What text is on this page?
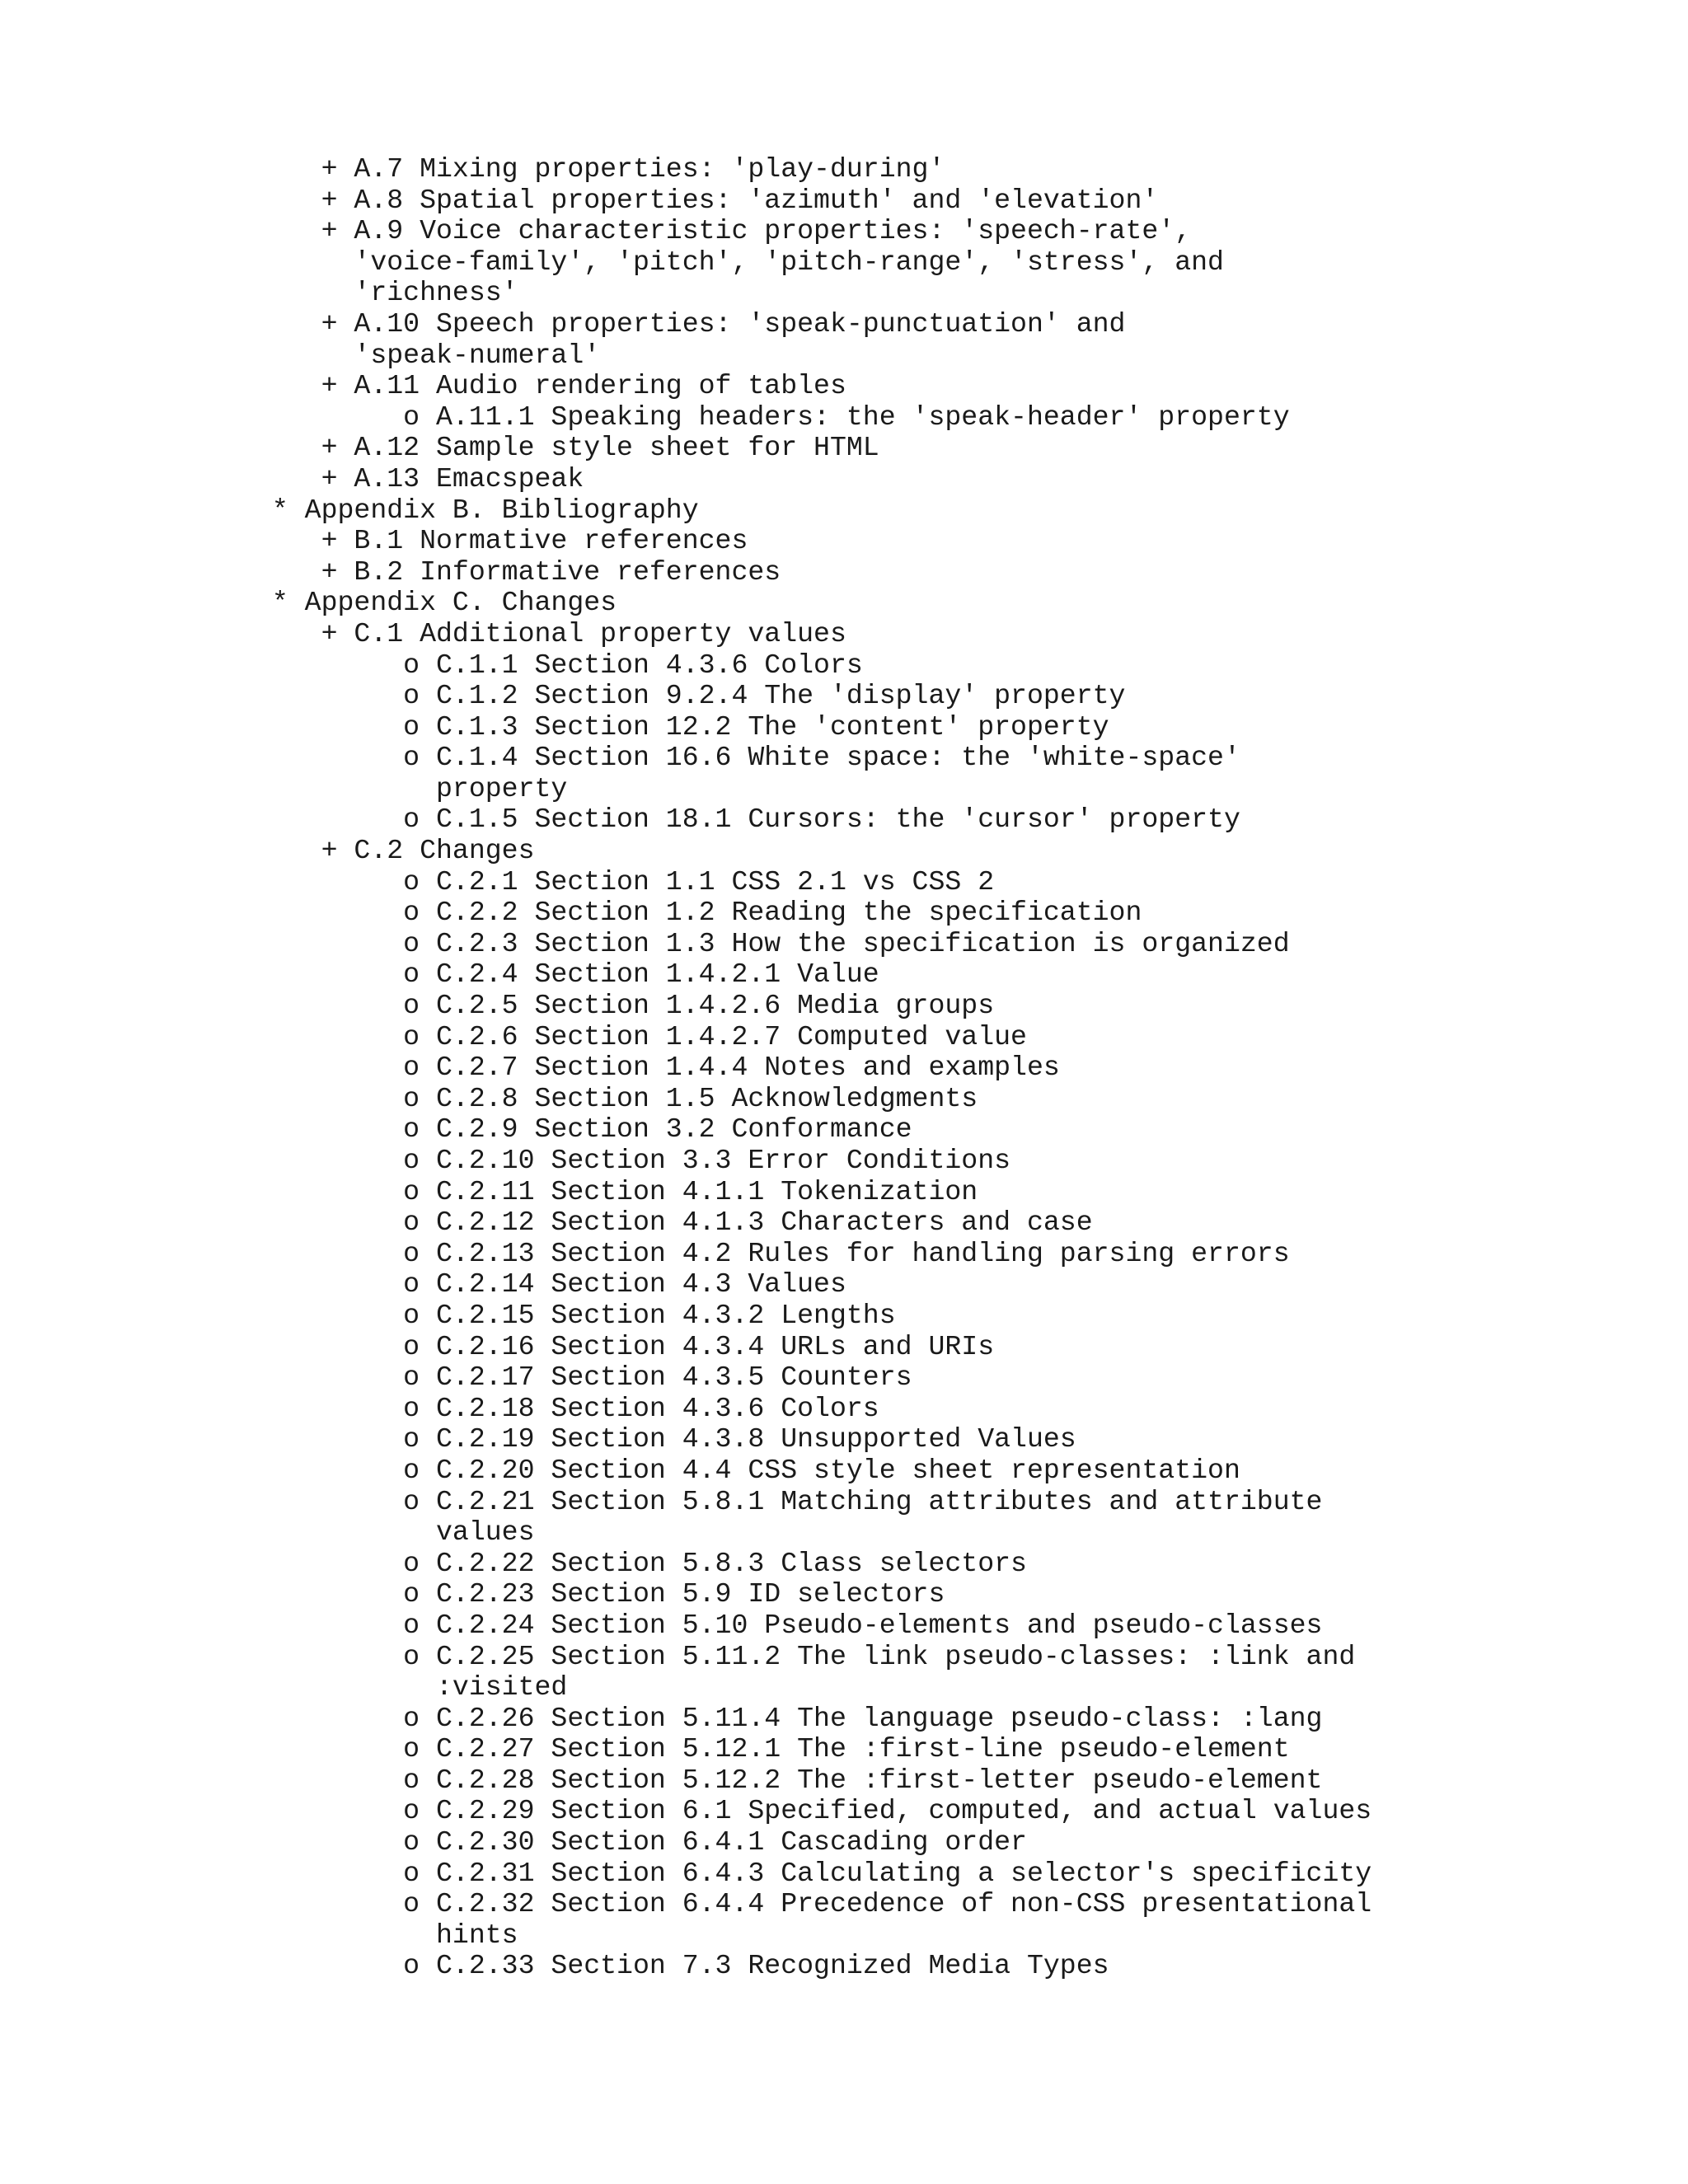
+ A.7 Mixing properties: 'play-during'
+ A.8 Spatial properties: 'azimuth' and 'elevation'
+ A.9 Voice characteristic properties: 'speech-rate',
'voice-family', 'pitch', 'pitch-range', 'stress', and
'richness'
+ A.10 Speech properties: 'speak-punctuation' and
'speak-numeral'
+ A.11 Audio rendering of tables
o A.11.1 Speaking headers: the 'speak-header' property
+ A.12 Sample style sheet for HTML
+ A.13 Emacspeak
* Appendix B. Bibliography
+ B.1 Normative references
+ B.2 Informative references
* Appendix C. Changes
+ C.1 Additional property values
o C.1.1 Section 4.3.6 Colors
o C.1.2 Section 9.2.4 The 'display' property
o C.1.3 Section 12.2 The 'content' property
o C.1.4 Section 16.6 White space: the 'white-space'
property
o C.1.5 Section 18.1 Cursors: the 'cursor' property
+ C.2 Changes
o C.2.1 Section 1.1 CSS 2.1 vs CSS 2
o C.2.2 Section 1.2 Reading the specification
o C.2.3 Section 1.3 How the specification is organized
o C.2.4 Section 1.4.2.1 Value
o C.2.5 Section 1.4.2.6 Media groups
o C.2.6 Section 1.4.2.7 Computed value
o C.2.7 Section 1.4.4 Notes and examples
o C.2.8 Section 1.5 Acknowledgments
o C.2.9 Section 3.2 Conformance
o C.2.10 Section 3.3 Error Conditions
o C.2.11 Section 4.1.1 Tokenization
o C.2.12 Section 4.1.3 Characters and case
o C.2.13 Section 4.2 Rules for handling parsing errors
o C.2.14 Section 4.3 Values
o C.2.15 Section 4.3.2 Lengths
o C.2.16 Section 4.3.4 URLs and URIs
o C.2.17 Section 4.3.5 Counters
o C.2.18 Section 4.3.6 Colors
o C.2.19 Section 4.3.8 Unsupported Values
o C.2.20 Section 4.4 CSS style sheet representation
o C.2.21 Section 5.8.1 Matching attributes and attribute
values
o C.2.22 Section 5.8.3 Class selectors
o C.2.23 Section 5.9 ID selectors
o C.2.24 Section 5.10 Pseudo-elements and pseudo-classes
o C.2.25 Section 5.11.2 The link pseudo-classes: :link and
:visited
o C.2.26 Section 5.11.4 The language pseudo-class: :lang
o C.2.27 Section 5.12.1 The :first-line pseudo-element
o C.2.28 Section 5.12.2 The :first-letter pseudo-element
o C.2.29 Section 6.1 Specified, computed, and actual values
o C.2.30 Section 6.4.1 Cascading order
o C.2.31 Section 6.4.3 Calculating a selector's specificity
o C.2.32 Section 6.4.4 Precedence of non-CSS presentational
hints
o C.2.33 Section 7.3 Recognized Media Types
